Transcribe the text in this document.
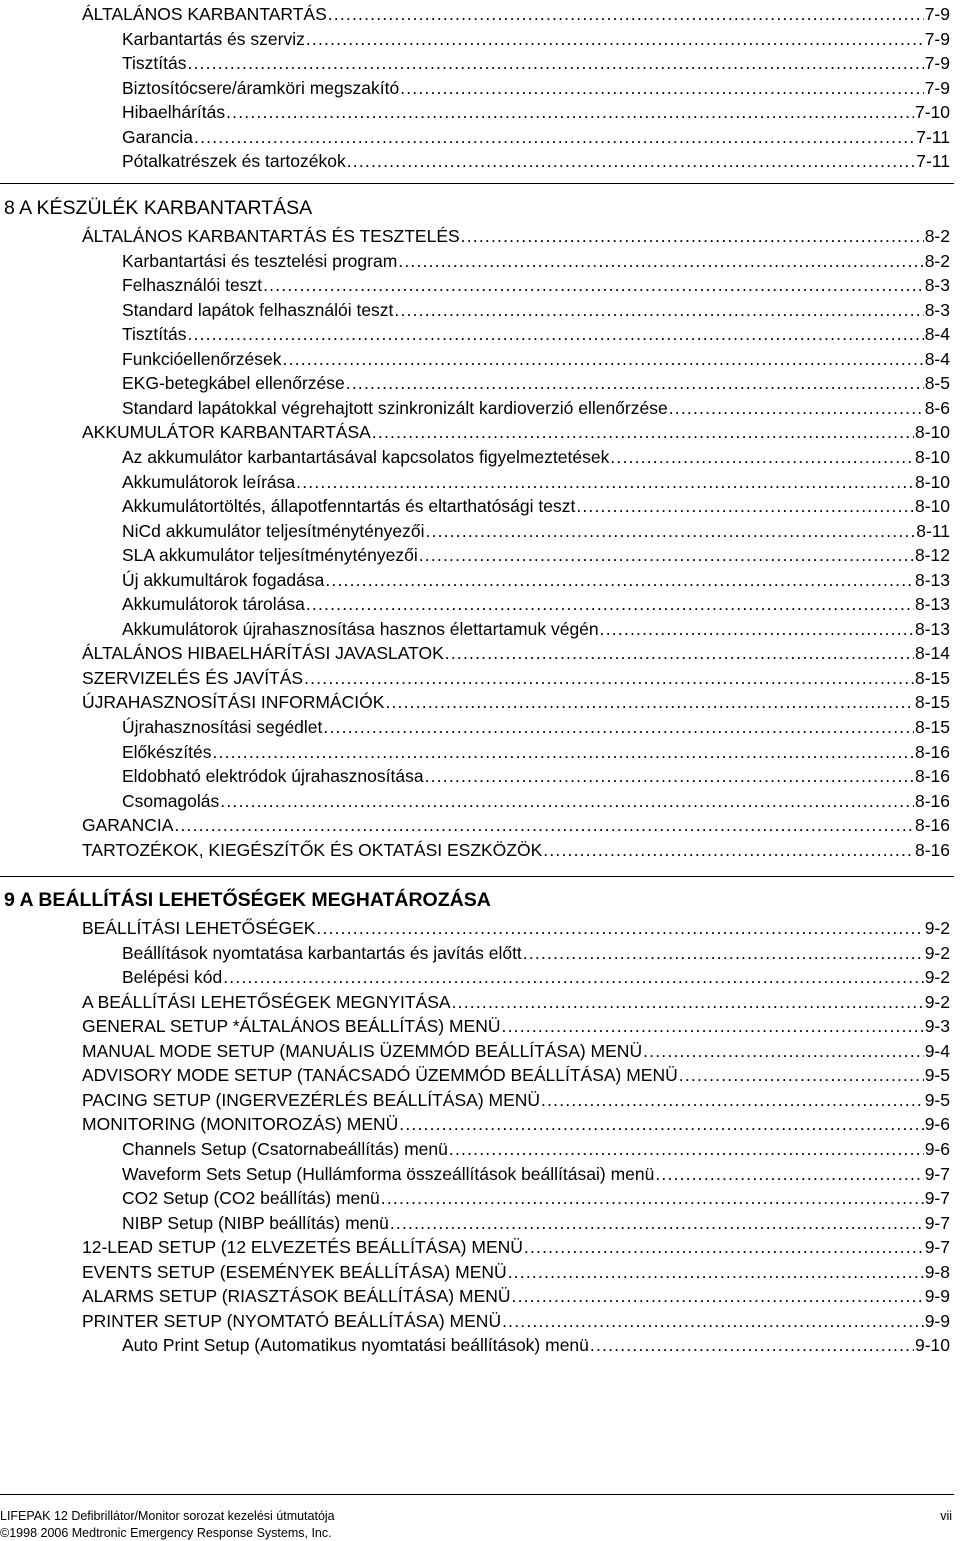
ÁLTALÁNOS KARBANTARTÁS .....	7-9
Karbantartás és szerviz .....	7-9
Tisztítás .....	7-9
Biztosítócsere/áramköri megszakító .....	7-9
Hibaelhárítás .....	7-10
Garancia .....	7-11
Pótalkatrészek és tartozékok .....	7-11
8 A KÉSZÜLÉK KARBANTARTÁSA
ÁLTALÁNOS KARBANTARTÁS ÉS TESZTELÉS .....	8-2
Karbantartási és tesztelési program .....	8-2
Felhasználói teszt .....	8-3
Standard lapátok felhasználói teszt .....	8-3
Tisztítás .....	8-4
Funkcióellenőrzések .....	8-4
EKG-betegkábel ellenőrzése .....	8-5
Standard lapátokkal végrehajtott szinkronizált kardioverzió ellenőrzése .....	8-6
AKKUMULÁTOR KARBANTARTÁSA .....	8-10
Az akkumulátor karbantartásával kapcsolatos figyelmeztetések .....	8-10
Akkumulátorok leírása .....	8-10
Akkumulátortöltés, állapotfenntartás és eltarthatósági teszt .....	8-10
NiCd akkumulátor teljesítménytényezői .....	8-11
SLA akkumulátor teljesítménytényezői .....	8-12
Új akkumultárok fogadása .....	8-13
Akkumulátorok tárolása .....	8-13
Akkumulátorok újrahasznosítása hasznos élettartamuk végén .....	8-13
ÁLTALÁNOS HIBAELHÁRÍTÁSI JAVASLATOK .....	8-14
SZERVIZELÉS ÉS JAVÍTÁS .....	8-15
ÚJRAHASZNOSÍTÁSI INFORMÁCIÓK .....	8-15
Újrahasznosítási segédlet .....	8-15
Előkészítés .....	8-16
Eldobható elektródok újrahasznosítása .....	8-16
Csomagolás .....	8-16
GARANCIA .....	8-16
TARTOZÉKOK, KIEGÉSZÍTŐK ÉS OKTATÁSI ESZKÖZÖK .....	8-16
9 A BEÁLLÍTÁSI LEHETŐSÉGEK MEGHATÁROZÁSA
BEÁLLÍTÁSI LEHETŐSÉGEK .....	9-2
Beállítások nyomtatása karbantartás és javítás előtt .....	9-2
Belépési kód .....	9-2
A BEÁLLÍTÁSI LEHETŐSÉGEK MEGNYITÁSA .....	9-2
GENERAL SETUP *ÁLTALÁNOS BEÁLLÍTÁS) MENÜ .....	9-3
MANUAL MODE SETUP (MANUÁLIS ÜZEMMÓD BEÁLLÍTÁSA) MENÜ .....	9-4
ADVISORY MODE SETUP (TANÁCSADÓ ÜZEMMÓD BEÁLLÍTÁSA) MENÜ .....	9-5
PACING SETUP (INGERVEZÉRLÉS BEÁLLÍTÁSA) MENÜ .....	9-5
MONITORING (MONITOROZÁS) MENÜ .....	9-6
Channels Setup (Csatornabeállítás) menü .....	9-6
Waveform Sets Setup (Hullámforma összeállítások beállításai) menü .....	9-7
CO2 Setup (CO2 beállítás) menü .....	9-7
NIBP Setup (NIBP beállítás) menü .....	9-7
12-LEAD SETUP (12 ELVEZETÉS BEÁLLÍTÁSA) MENÜ .....	9-7
EVENTS SETUP (ESEMÉNYEK BEÁLLÍTÁSA) MENÜ .....	9-8
ALARMS SETUP (RIASZTÁSOK BEÁLLÍTÁSA) MENÜ .....	9-9
PRINTER SETUP (NYOMTATÓ BEÁLLÍTÁSA) MENÜ .....	9-9
Auto Print Setup (Automatikus nyomtatási beállítások) menü .....	9-10
LIFEPAK 12 Defibrillátor/Monitor sorozat kezelési útmutatója
©1998 2006 Medtronic Emergency Response Systems, Inc.
vii
